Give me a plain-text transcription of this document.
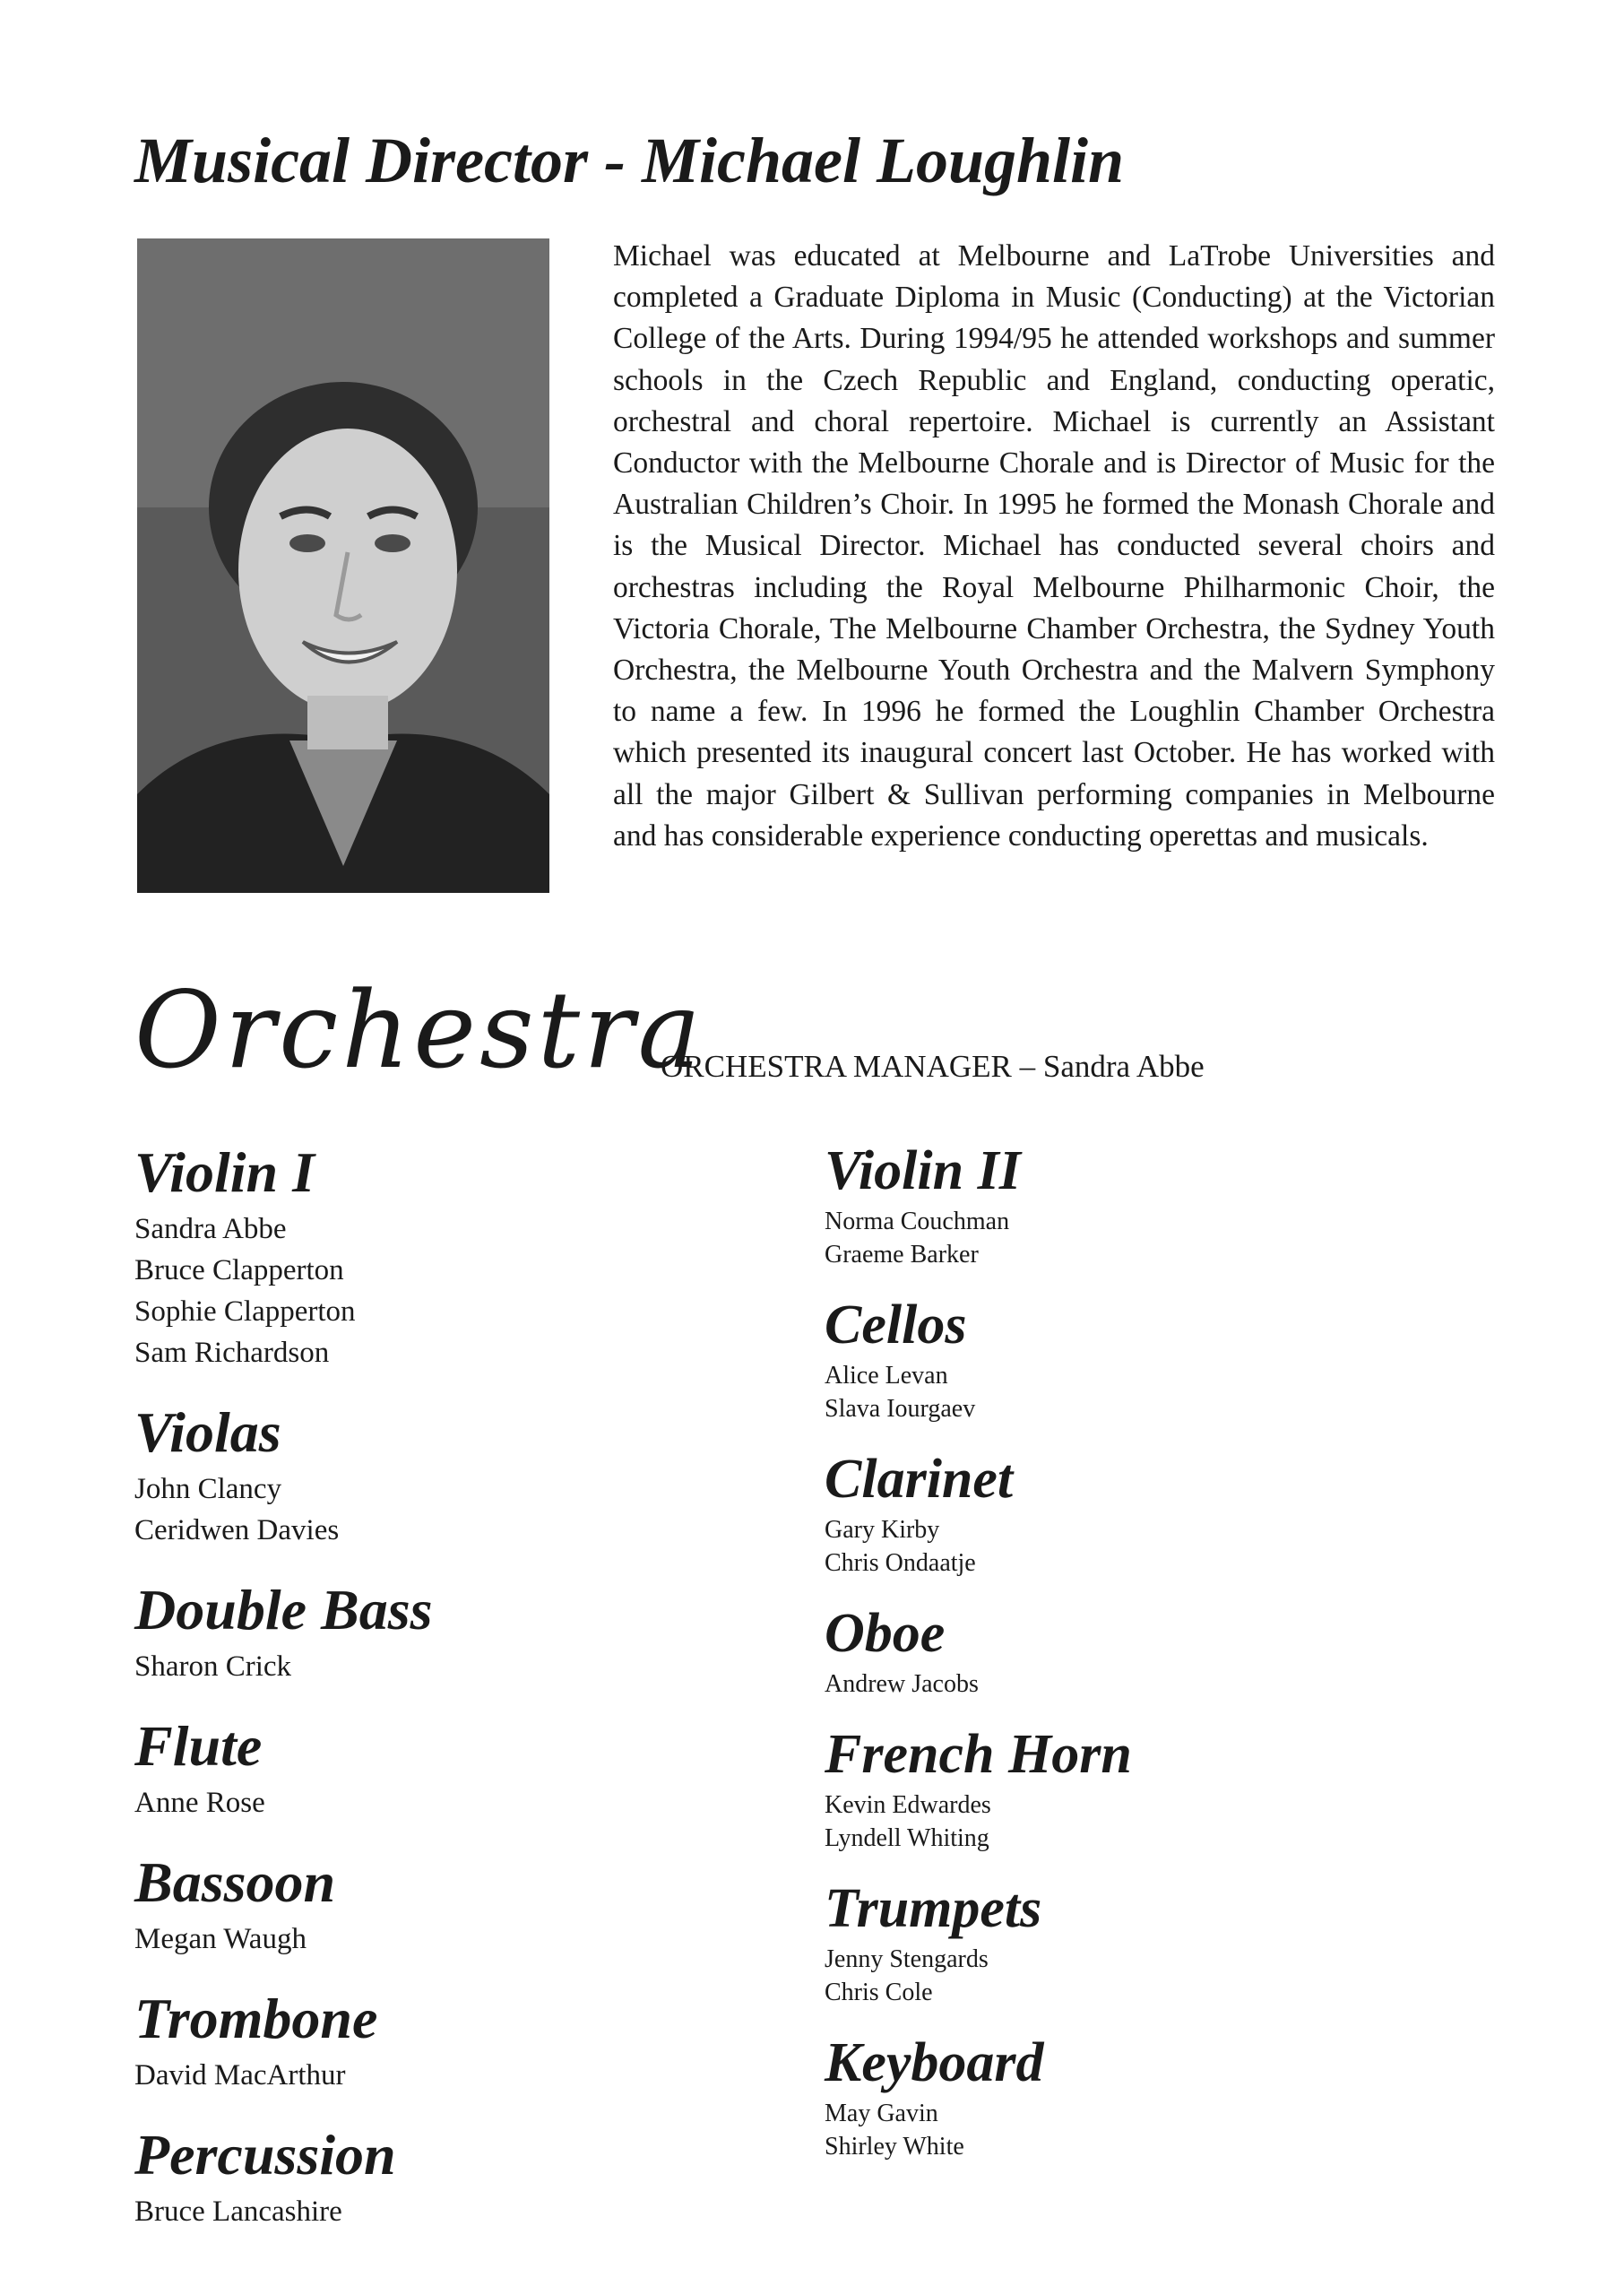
Musical Director - Michael Loughlin

Michael was educated at Melbourne and LaTrobe Universities and completed a Graduate Diploma in Music (Conducting) at the Victorian College of the Arts. During 1994/95 he attended workshops and summer schools in the Czech Republic and England, conducting operatic, orchestral and choral repertoire. Michael is currently an Assistant Conductor with the Melbourne Chorale and is Director of Music for the Australian Children’s Choir. In 1995 he formed the Monash Chorale and is the Musical Director. Michael has conducted several choirs and orchestras including the Royal Melbourne Philharmonic Choir, the Victoria Chorale, The Melbourne Chamber Orchestra, the Sydney Youth Orchestra, the Melbourne Youth Orchestra and the Malvern Symphony to name a few. In 1996 he formed the Loughlin Chamber Orchestra which presented its inaugural concert last October. He has worked with all the major Gilbert & Sullivan performing companies in Melbourne and has considerable experience conducting operettas and musicals.

Orchestra
ORCHESTRA MANAGER – Sandra Abbe
Violin I
Sandra Abbe
Bruce Clapperton
Sophie Clapperton
Sam Richardson
Violas
John Clancy
Ceridwen Davies
Double Bass
Sharon Crick
Flute
Anne Rose
Bassoon
Megan Waugh
Trombone
David MacArthur
Percussion
Bruce Lancashire
Violin II
Norma Couchman
Graeme Barker
Cellos
Alice Levan
Slava Iourgaev
Clarinet
Gary Kirby
Chris Ondaatje
Oboe
Andrew Jacobs
French Horn
Kevin Edwardes
Lyndell Whiting
Trumpets
Jenny Stengards
Chris Cole
Keyboard
May Gavin
Shirley White
